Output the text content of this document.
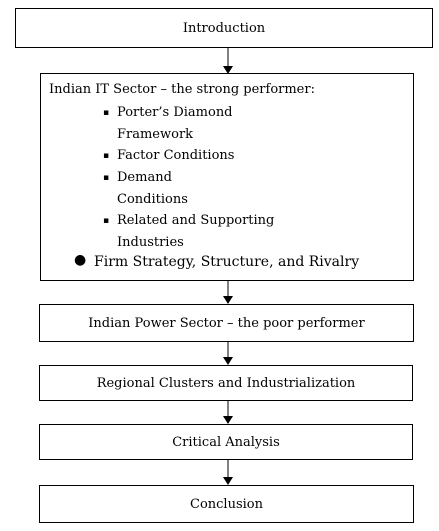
Introduction
Indian IT Sector – the strong performer:
▪ Porter’s Diamond
Framework
▪ Factor Conditions
▪ Demand
Conditions
▪ Related and Supporting
Industries
● Firm Strategy, Structure, and Rivalry
Indian Power Sector – the poor performer
Regional Clusters and Industrialization
Critical Analysis
Conclusion
